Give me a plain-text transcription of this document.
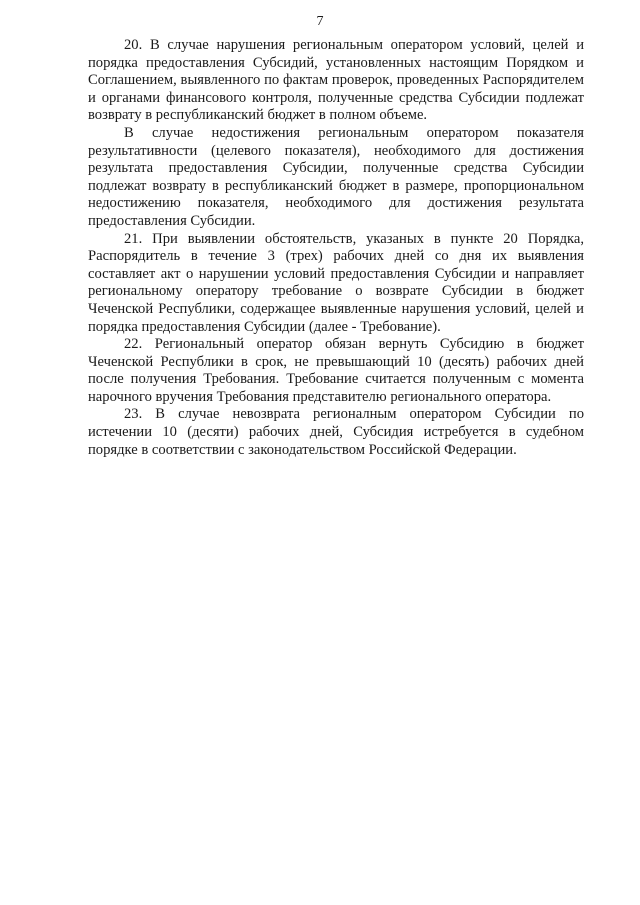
7

20. В случае нарушения региональным оператором условий, целей и порядка предоставления Субсидий, установленных настоящим Порядком и Соглашением, выявленного по фактам проверок, проведенных Распорядителем и органами финансового контроля, полученные средства Субсидии подлежат возврату в республиканский бюджет в полном объеме.

В случае недостижения региональным оператором показателя результативности (целевого показателя), необходимого для достижения результата предоставления Субсидии, полученные средства Субсидии подлежат возврату в республиканский бюджет в размере, пропорциональном недостижению показателя, необходимого для достижения результата предоставления Субсидии.

21. При выявлении обстоятельств, указаных в пункте 20 Порядка, Распорядитель в течение 3 (трех) рабочих дней со дня их выявления составляет акт о нарушении условий предоставления Субсидии и направляет региональному оператору требование о возврате Субсидии в бюджет Чеченской Республики, содержащее выявленные нарушения условий, целей и порядка предоставления Субсидии (далее - Требование).

22. Региональный оператор обязан вернуть Субсидию в бюджет Чеченской Республики в срок, не превышающий 10 (десять) рабочих дней после получения Требования. Требование считается полученным с момента нарочного вручения Требования представителю регионального оператора.

23. В случае невозврата регионалным оператором Субсидии по истечении 10 (десяти) рабочих дней, Субсидия истребуется в судебном порядке в соответствии с законодательством Российской Федерации.
